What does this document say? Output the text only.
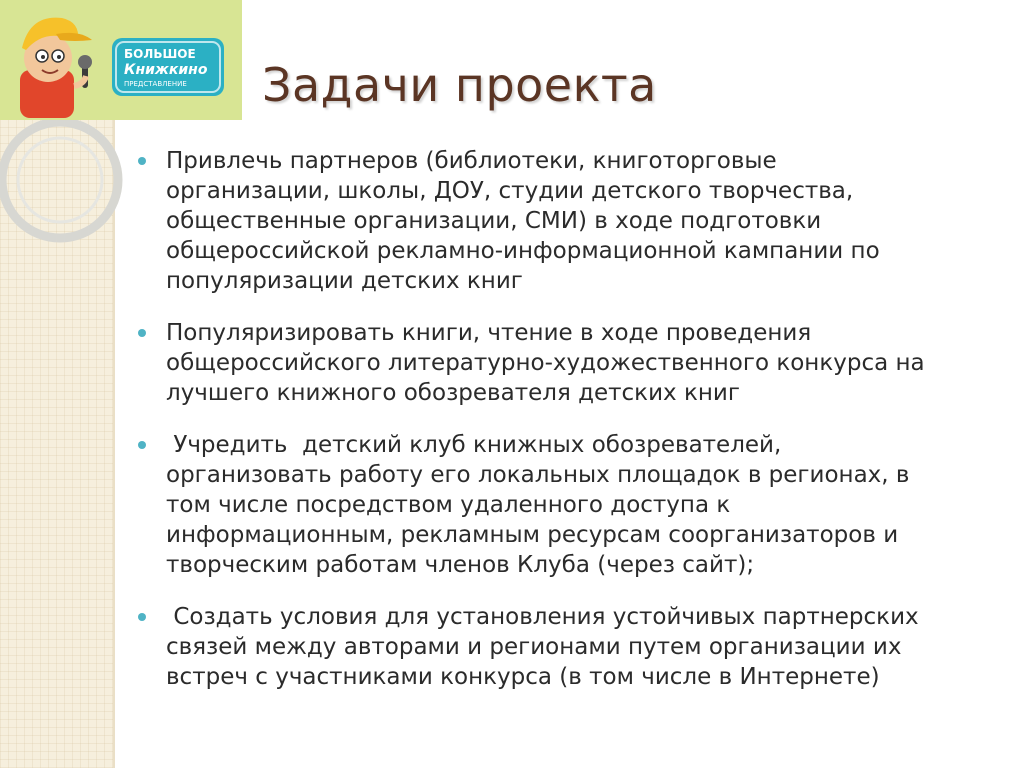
БОЛЬШОЕ
Книжкино
ПРЕДСТАВЛЕНИЕ Задачи проекта
Привлечь партнеров (библиотеки, книготорговые
организации, школы, ДОУ, студии детского творчества,
общественные организации, СМИ) в ходе подготовки
общероссийской рекламно-информационной кампании по
популяризации детских книг
Популяризировать книги, чтение в ходе проведения
общероссийского литературно-художественного конкурса на
лучшего книжного обозревателя детских книг
Учредить  детский клуб книжных обозревателей,
организовать работу его локальных площадок в регионах, в
том числе посредством удаленного доступа к
информационным, рекламным ресурсам соорганизаторов и
творческим работам членов Клуба (через сайт);
Создать условия для установления устойчивых партнерских
связей между авторами и регионами путем организации их
встреч с участниками конкурса (в том числе в Интернете)
